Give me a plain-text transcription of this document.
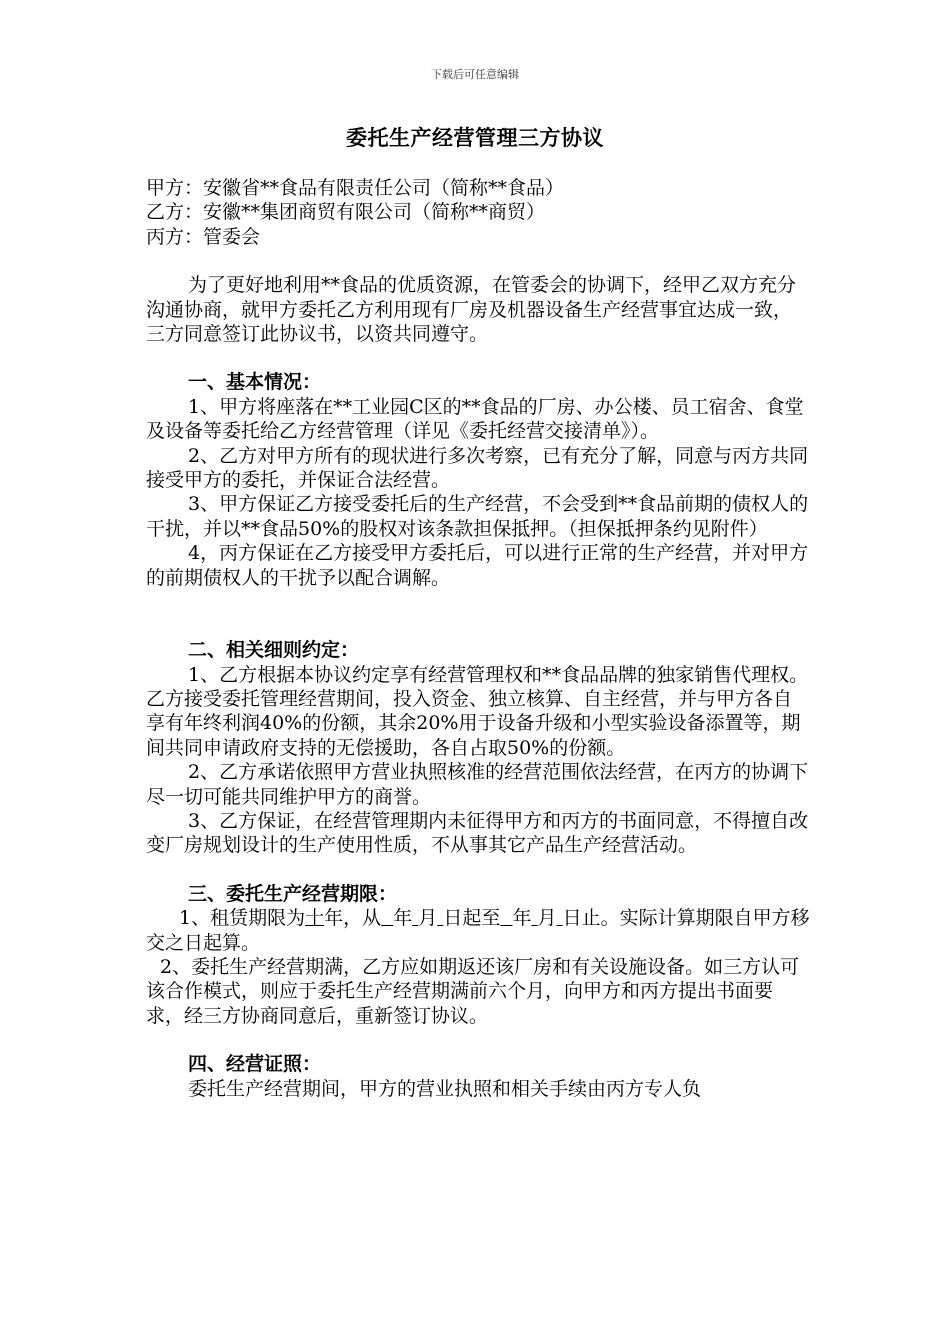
下载后可任意编辑
委托生产经营管理三方协议

甲方：安徽省**食品有限责任公司（简称**食品）

乙方：安徽**集团商贸有限公司（简称**商贸）

丙方：管委会

为了更好地利用**食品的优质资源，在管委会的协调下，经甲乙双方充分沟通协商，就甲方委托乙方利用现有厂房及机器设备生产经营事宜达成一致，三方同意签订此协议书，以资共同遵守。

一、基本情况：

1、甲方将座落在**工业园C区的**食品的厂房、办公楼、员工宿舍、食堂及设备等委托给乙方经营管理（详见《委托经营交接清单》）。

2、乙方对甲方所有的现状进行多次考察，已有充分了解，同意与丙方共同接受甲方的委托，并保证合法经营。

3、甲方保证乙方接受委托后的生产经营，不会受到**食品前期的债权人的干扰，并以**食品50%的股权对该条款担保抵押。（担保抵押条约见附件）

4，丙方保证在乙方接受甲方委托后，可以进行正常的生产经营，并对甲方的前期债权人的干扰予以配合调解。

二、相关细则约定：

1、乙方根据本协议约定享有经营管理权和**食品品牌的独家销售代理权。乙方接受委托管理经营期间，投入资金、独立核算、自主经营，并与甲方各自享有年终利润40%的份额，其余20%用于设备升级和小型实验设备添置等，期间共同申请政府支持的无偿援助，各自占取50%的份额。

2、乙方承诺依照甲方营业执照核准的经营范围依法经营，在丙方的协调下尽一切可能共同维护甲方的商誉。

3、乙方保证，在经营管理期内未征得甲方和丙方的书面同意，不得擅自改变厂房规划设计的生产使用性质，不从事其它产品生产经营活动。

三、委托生产经营期限：

1、租赁期限为十年，从 年 月 日起至 年 月 日止。实际计算期限自甲方移交之日起算。

2、委托生产经营期满，乙方应如期返还该厂房和有关设施设备。如三方认可该合作模式，则应于委托生产经营期满前六个月，向甲方和丙方提出书面要求，经三方协商同意后，重新签订协议。

四、经营证照：

委托生产经营期间，甲方的营业执照和相关手续由丙方专人负
